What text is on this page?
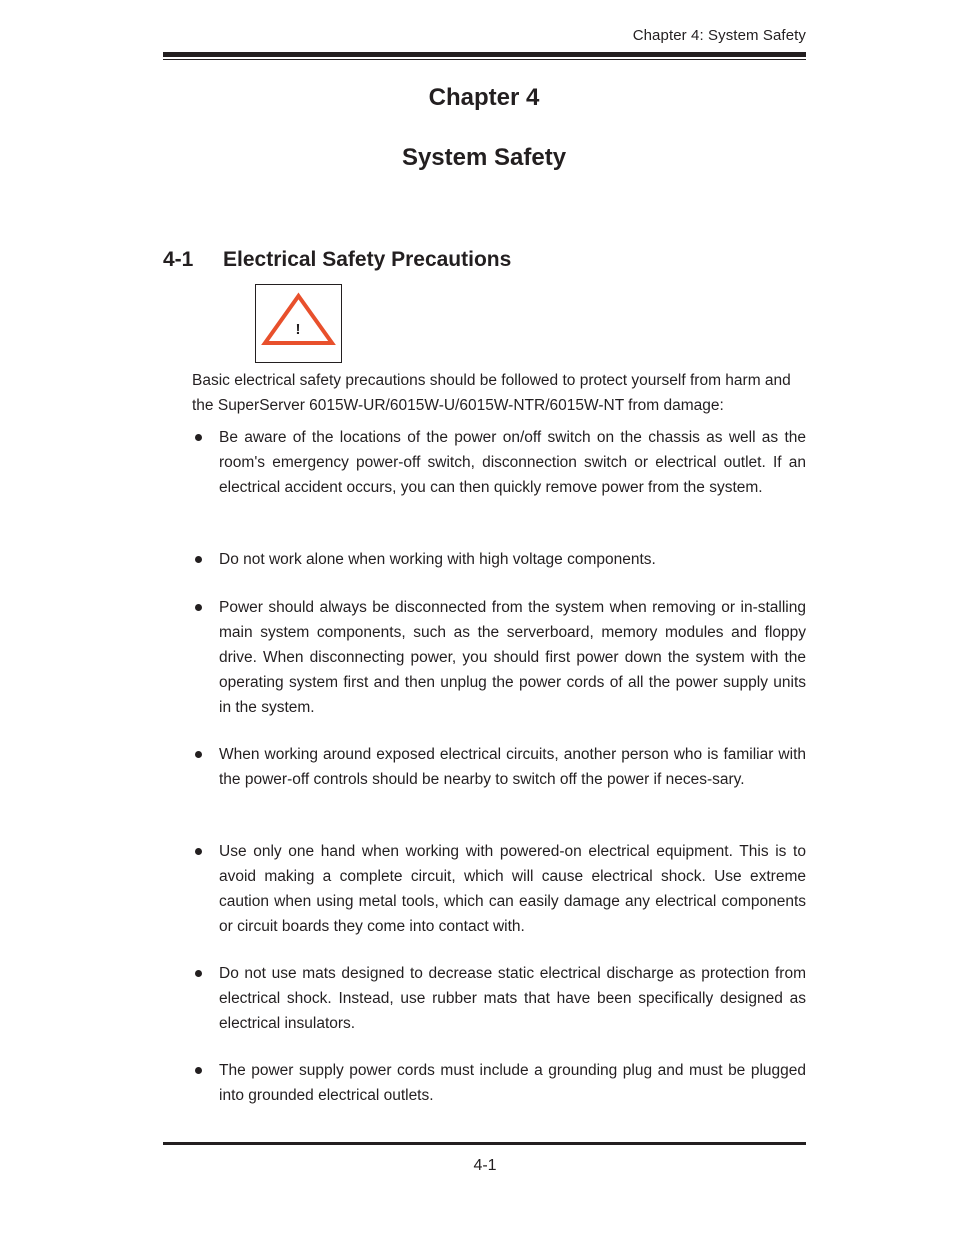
Chapter 4: System Safety
Chapter 4
System Safety
4-1 Electrical Safety Precautions
!

Basic electrical safety precautions should be followed to protect yourself from harm and the SuperServer 6015W-UR/6015W-U/6015W-NTR/6015W-NT from damage:

Be aware of the locations of the power on/off switch on the chassis as well as the room's emergency power-off switch, disconnection switch or electrical outlet. If an electrical accident occurs, you can then quickly remove power from the system.
Do not work alone when working with high voltage components.
Power should always be disconnected from the system when removing or in-stalling main system components, such as the serverboard, memory modules and floppy drive. When disconnecting power, you should first power down the system with the operating system first and then unplug the power cords of all the power supply units in the system.
When working around exposed electrical circuits, another person who is familiar with the power-off controls should be nearby to switch off the power if neces-sary.
Use only one hand when working with powered-on electrical equipment. This is to avoid making a complete circuit, which will cause electrical shock. Use extreme caution when using metal tools, which can easily damage any electrical components or circuit boards they come into contact with.
Do not use mats designed to decrease static electrical discharge as protection from electrical shock. Instead, use rubber mats that have been specifically designed as electrical insulators.
The power supply power cords must include a grounding plug and must be plugged into grounded electrical outlets.
4-1
